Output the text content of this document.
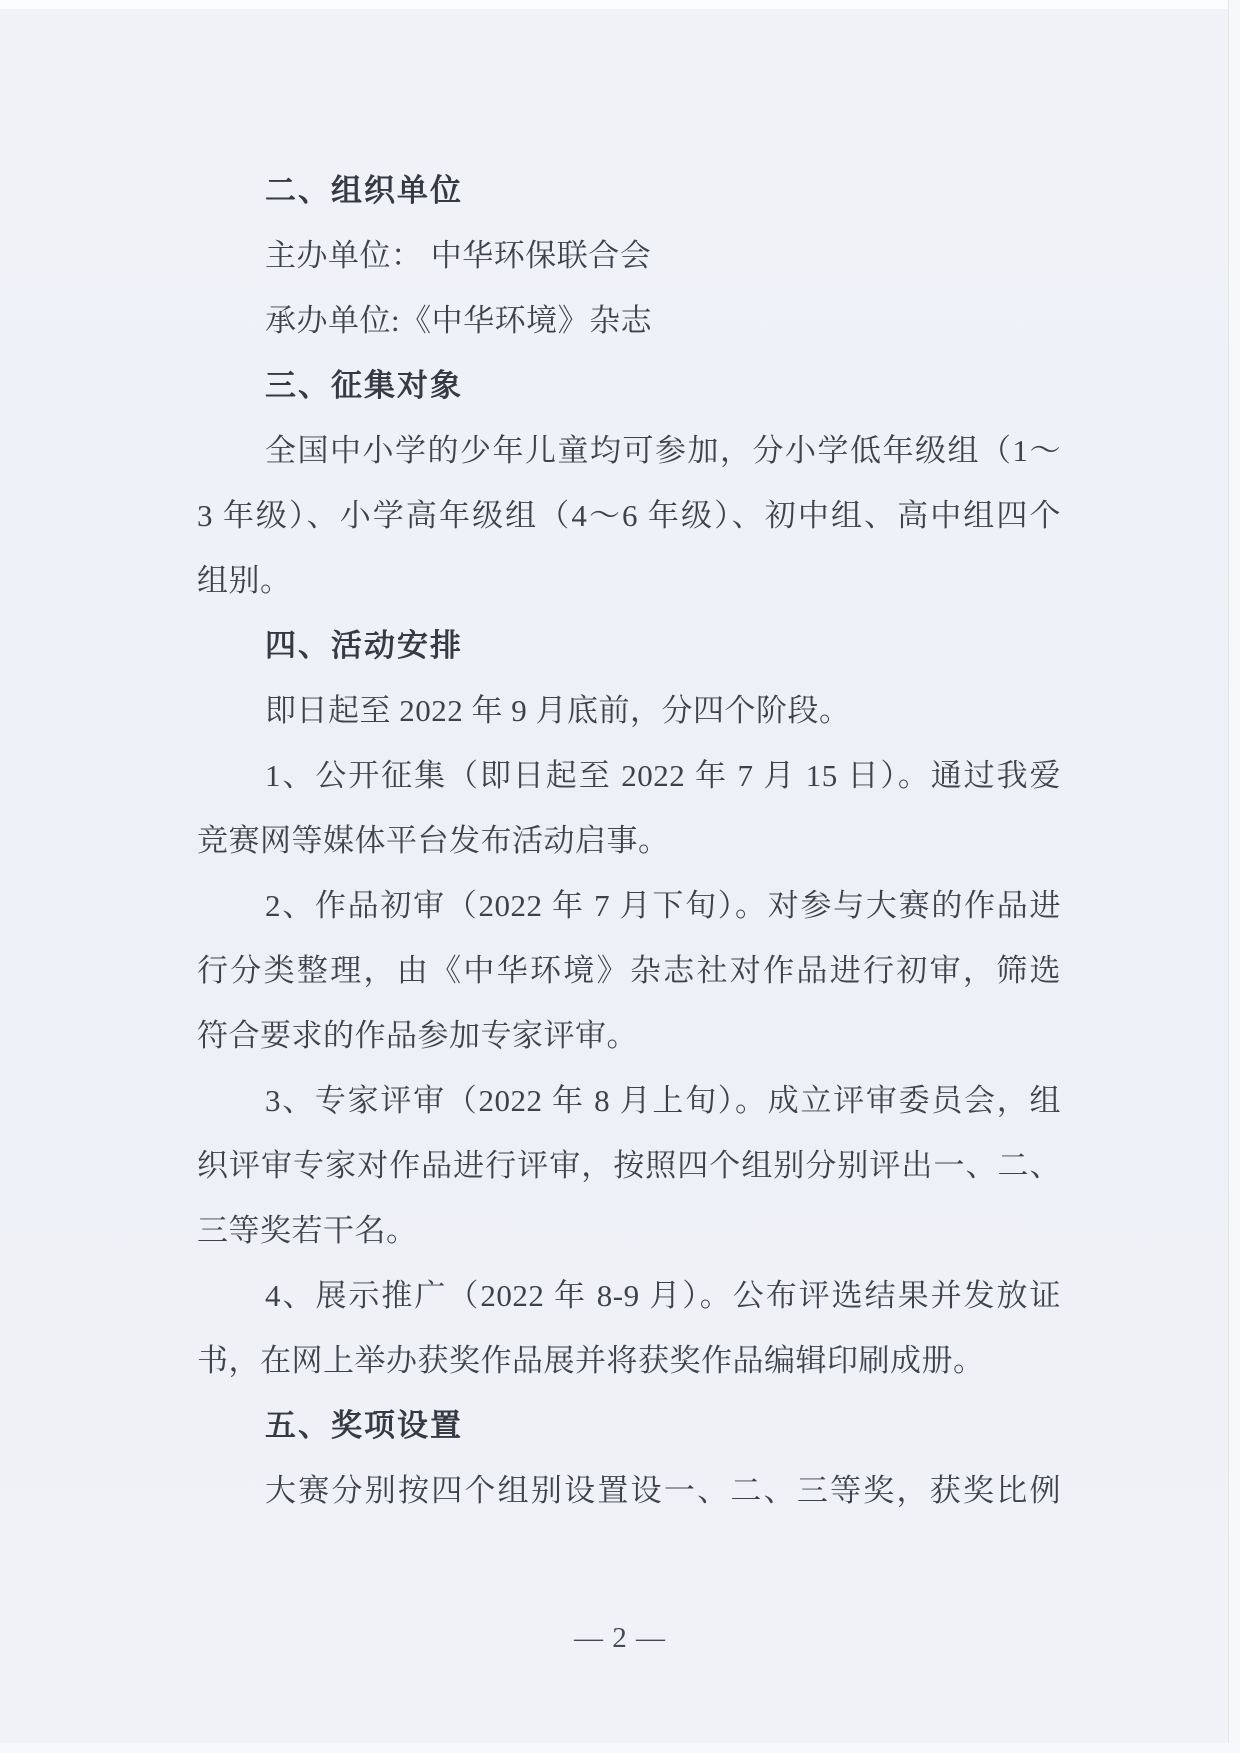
二、组织单位
主办单位： 中华环保联合会
承办单位:《中华环境》杂志
三、征集对象
全国中小学的少年儿童均可参加，分小学低年级组（1～
3 年级）、小学高年级组（4～6 年级）、初中组、高中组四个
组别。
四、活动安排
即日起至 2022 年 9 月底前，分四个阶段。
1、公开征集（即日起至 2022 年 7 月 15 日）。通过我爱
竞赛网等媒体平台发布活动启事。
2、作品初审（2022 年 7 月下旬）。对参与大赛的作品进
行分类整理，由《中华环境》杂志社对作品进行初审，筛选
符合要求的作品参加专家评审。
3、专家评审（2022 年 8 月上旬）。成立评审委员会，组
织评审专家对作品进行评审，按照四个组别分别评出一、二、
三等奖若干名。
4、展示推广（2022 年 8-9 月）。公布评选结果并发放证
书，在网上举办获奖作品展并将获奖作品编辑印刷成册。
五、奖项设置
大赛分别按四个组别设置设一、二、三等奖，获奖比例
— 2 —
